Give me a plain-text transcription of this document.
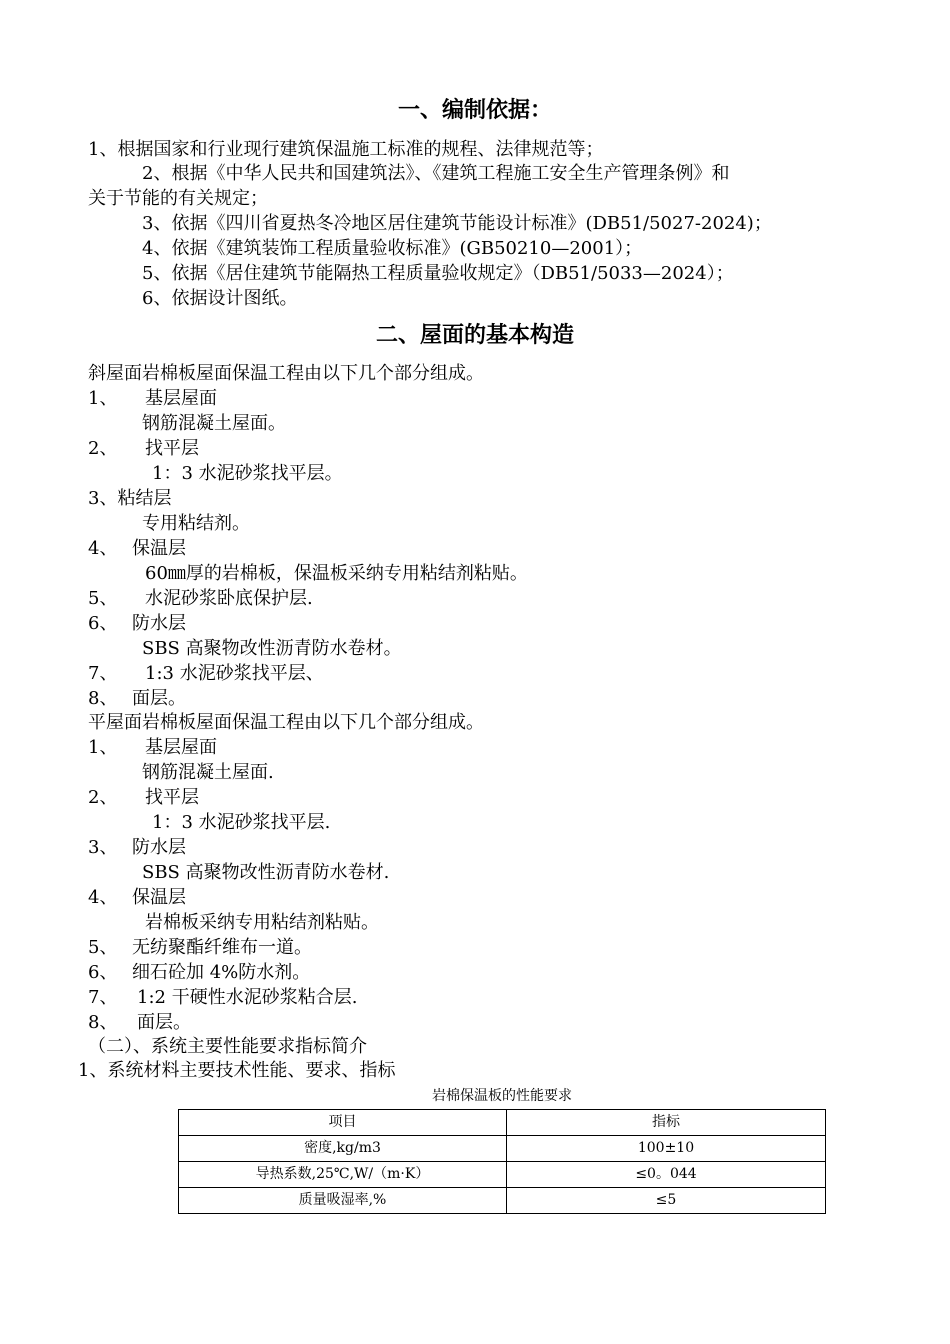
一、编制依据：
1、根据国家和行业现行建筑保温施工标准的规程、法律规范等；
2、根据《中华人民共和国建筑法》、《建筑工程施工安全生产管理条例》和
关于节能的有关规定；
3、依据《四川省夏热冬冷地区居住建筑节能设计标准》(DB51/5027-2024)；
4、依据《建筑装饰工程质量验收标准》(GB50210—2001）；
5、依据《居住建筑节能隔热工程质量验收规定》（DB51/5033—2024）；
6、依据设计图纸。
二、屋面的基本构造
斜屋面岩棉板屋面保温工程由以下几个部分组成。
1、 基层屋面
钢筋混凝土屋面。
2、 找平层
1：3 水泥砂浆找平层。
3、粘结层
专用粘结剂。
4、 保温层
60㎜厚的岩棉板，保温板采纳专用粘结剂粘贴。
5、 水泥砂浆卧底保护层.
6、 防水层
SBS 高聚物改性沥青防水卷材。
7、 1:3 水泥砂浆找平层、
8、 面层。
平屋面岩棉板屋面保温工程由以下几个部分组成。
1、 基层屋面
钢筋混凝土屋面.
2、 找平层
1：3 水泥砂浆找平层.
3、 防水层
SBS 高聚物改性沥青防水卷材.
4、 保温层
岩棉板采纳专用粘结剂粘贴。
5、 无纺聚酯纤维布一道。
6、 细石砼加 4%防水剂。
7、 1:2 干硬性水泥砂浆粘合层.
8、 面层。
（二）、系统主要性能要求指标简介
1、系统材料主要技术性能、要求、指标
岩棉保温板的性能要求
项目	指标
密度,kg/m3	100±10
导热系数,25℃,W/（m·K）	≤0。044
质量吸湿率,%	≤5
